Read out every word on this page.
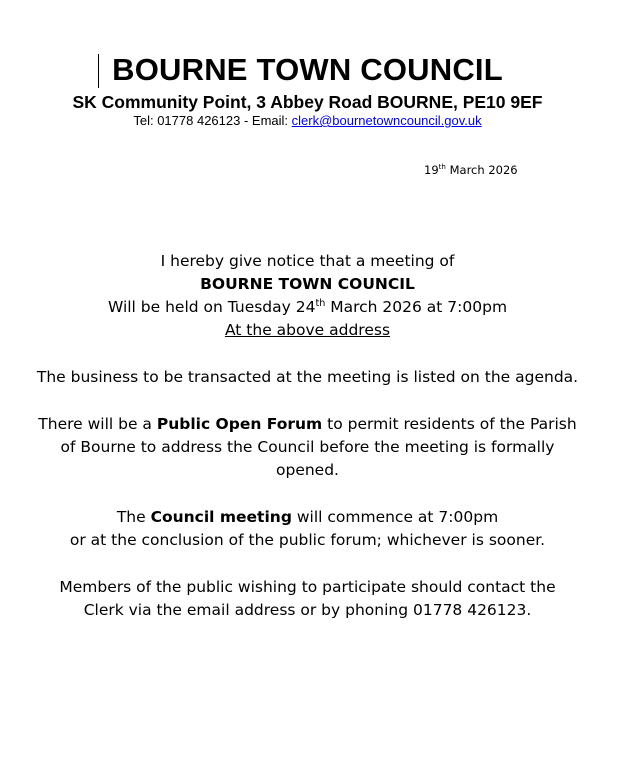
BOURNE TOWN COUNCIL
SK Community Point, 3 Abbey Road BOURNE, PE10 9EF
Tel: 01778 426123 - Email: clerk@bournetowncouncil.gov.uk
19th March 2026
I hereby give notice that a meeting of
BOURNE TOWN COUNCIL
Will be held on Tuesday 24th March 2026 at 7:00pm
At the above address
The business to be transacted at the meeting is listed on the agenda.
There will be a Public Open Forum to permit residents of the Parish
of Bourne to address the Council before the meeting is formally
opened.
The Council meeting will commence at 7:00pm
or at the conclusion of the public forum; whichever is sooner.
Members of the public wishing to participate should contact the
Clerk via the email address or by phoning 01778 426123.
